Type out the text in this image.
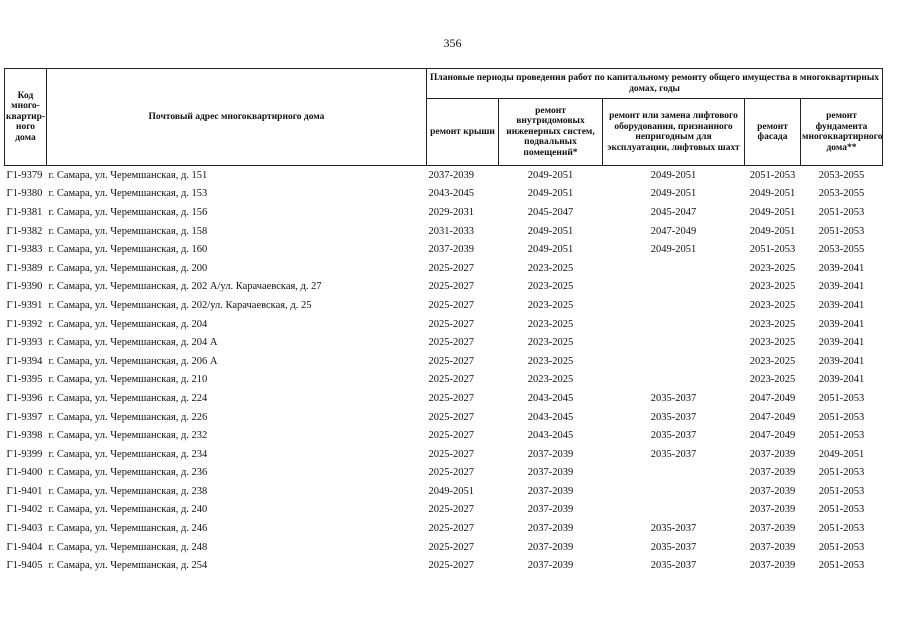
356
Код много-квартир-ного дома	Почтовый адрес многоквартирного дома	Плановые периоды проведения работ по капитальному ремонту общего имущества в многоквартирных домах, годы				
		ремонт крыши	ремонт внутридомовых инженерных систем, подвальных помещений*	ремонт или замена лифтового оборудования, признанного непригодным для эксплуатации, лифтовых шахт	ремонт фасада	ремонт фундамента многоквартирного дома**
Г1-9379	г. Самара, ул. Черемшанская, д. 151	2037-2039	2049-2051	2049-2051	2051-2053	2053-2055
Г1-9380	г. Самара, ул. Черемшанская, д. 153	2043-2045	2049-2051	2049-2051	2049-2051	2053-2055
Г1-9381	г. Самара, ул. Черемшанская, д. 156	2029-2031	2045-2047	2045-2047	2049-2051	2051-2053
Г1-9382	г. Самара, ул. Черемшанская, д. 158	2031-2033	2049-2051	2047-2049	2049-2051	2051-2053
Г1-9383	г. Самара, ул. Черемшанская, д. 160	2037-2039	2049-2051	2049-2051	2051-2053	2053-2055
Г1-9389	г. Самара, ул. Черемшанская, д. 200	2025-2027	2023-2025		2023-2025	2039-2041
Г1-9390	г. Самара, ул. Черемшанская, д. 202 А/ул. Карачаевская, д. 27	2025-2027	2023-2025		2023-2025	2039-2041
Г1-9391	г. Самара, ул. Черемшанская, д. 202/ул. Карачаевская, д. 25	2025-2027	2023-2025		2023-2025	2039-2041
Г1-9392	г. Самара, ул. Черемшанская, д. 204	2025-2027	2023-2025		2023-2025	2039-2041
Г1-9393	г. Самара, ул. Черемшанская, д. 204 А	2025-2027	2023-2025		2023-2025	2039-2041
Г1-9394	г. Самара, ул. Черемшанская, д. 206 А	2025-2027	2023-2025		2023-2025	2039-2041
Г1-9395	г. Самара, ул. Черемшанская, д. 210	2025-2027	2023-2025		2023-2025	2039-2041
Г1-9396	г. Самара, ул. Черемшанская, д. 224	2025-2027	2043-2045	2035-2037	2047-2049	2051-2053
Г1-9397	г. Самара, ул. Черемшанская, д. 226	2025-2027	2043-2045	2035-2037	2047-2049	2051-2053
Г1-9398	г. Самара, ул. Черемшанская, д. 232	2025-2027	2043-2045	2035-2037	2047-2049	2051-2053
Г1-9399	г. Самара, ул. Черемшанская, д. 234	2025-2027	2037-2039	2035-2037	2037-2039	2049-2051
Г1-9400	г. Самара, ул. Черемшанская, д. 236	2025-2027	2037-2039		2037-2039	2051-2053
Г1-9401	г. Самара, ул. Черемшанская, д. 238	2049-2051	2037-2039		2037-2039	2051-2053
Г1-9402	г. Самара, ул. Черемшанская, д. 240	2025-2027	2037-2039		2037-2039	2051-2053
Г1-9403	г. Самара, ул. Черемшанская, д. 246	2025-2027	2037-2039	2035-2037	2037-2039	2051-2053
Г1-9404	г. Самара, ул. Черемшанская, д. 248	2025-2027	2037-2039	2035-2037	2037-2039	2051-2053
Г1-9405	г. Самара, ул. Черемшанская, д. 254	2025-2027	2037-2039	2035-2037	2037-2039	2051-2053
